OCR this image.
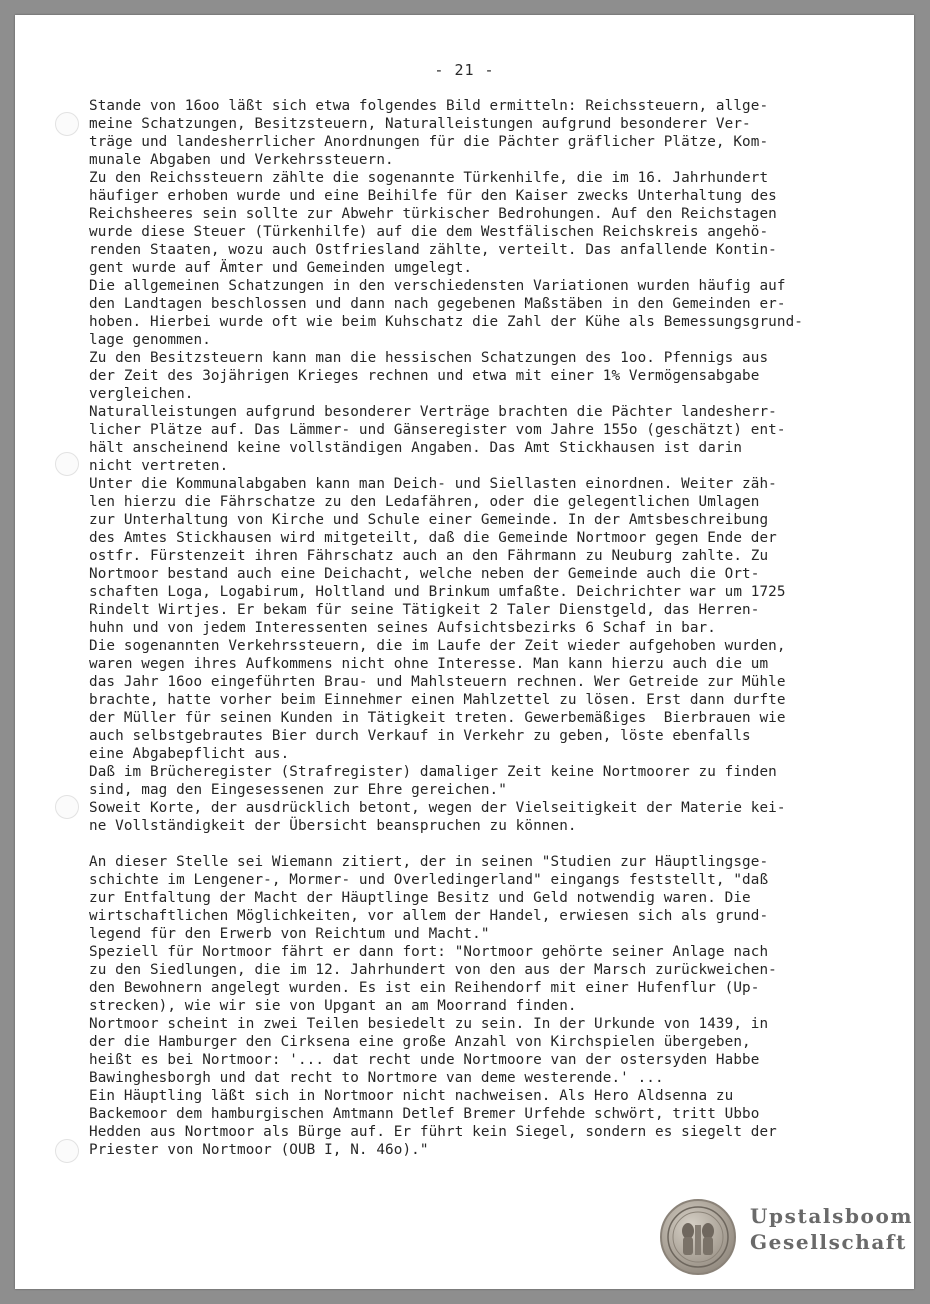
- 21 -
Stande von 16oo läßt sich etwa folgendes Bild ermitteln: Reichssteuern, allge-
meine Schatzungen, Besitzsteuern, Naturalleistungen aufgrund besonderer Ver-
träge und landesherrlicher Anordnungen für die Pächter gräflicher Plätze, Kom-
munale Abgaben und Verkehrssteuern.
Zu den Reichssteuern zählte die sogenannte Türkenhilfe, die im 16. Jahrhundert
häufiger erhoben wurde und eine Beihilfe für den Kaiser zwecks Unterhaltung des
Reichsheeres sein sollte zur Abwehr türkischer Bedrohungen. Auf den Reichstagen
wurde diese Steuer (Türkenhilfe) auf die dem Westfälischen Reichskreis angehö-
renden Staaten, wozu auch Ostfriesland zählte, verteilt. Das anfallende Kontin-
gent wurde auf Ämter und Gemeinden umgelegt.
Die allgemeinen Schatzungen in den verschiedensten Variationen wurden häufig auf
den Landtagen beschlossen und dann nach gegebenen Maßstäben in den Gemeinden er-
hoben. Hierbei wurde oft wie beim Kuhschatz die Zahl der Kühe als Bemessungsgrund-
lage genommen.
Zu den Besitzsteuern kann man die hessischen Schatzungen des 1oo. Pfennigs aus
der Zeit des 3ojährigen Krieges rechnen und etwa mit einer 1% Vermögensabgabe
vergleichen.
Naturalleistungen aufgrund besonderer Verträge brachten die Pächter landesherr-
licher Plätze auf. Das Lämmer- und Gänseregister vom Jahre 155o (geschätzt) ent-
hält anscheinend keine vollständigen Angaben. Das Amt Stickhausen ist darin
nicht vertreten.
Unter die Kommunalabgaben kann man Deich- und Siellasten einordnen. Weiter zäh-
len hierzu die Fährschatze zu den Ledafähren, oder die gelegentlichen Umlagen
zur Unterhaltung von Kirche und Schule einer Gemeinde. In der Amtsbeschreibung
des Amtes Stickhausen wird mitgeteilt, daß die Gemeinde Nortmoor gegen Ende der
ostfr. Fürstenzeit ihren Fährschatz auch an den Fährmann zu Neuburg zahlte. Zu
Nortmoor bestand auch eine Deichacht, welche neben der Gemeinde auch die Ort-
schaften Loga, Logabirum, Holtland und Brinkum umfaßte. Deichrichter war um 1725
Rindelt Wirtjes. Er bekam für seine Tätigkeit 2 Taler Dienstgeld, das Herren-
huhn und von jedem Interessenten seines Aufsichtsbezirks 6 Schaf in bar.
Die sogenannten Verkehrssteuern, die im Laufe der Zeit wieder aufgehoben wurden,
waren wegen ihres Aufkommens nicht ohne Interesse. Man kann hierzu auch die um
das Jahr 16oo eingeführten Brau- und Mahlsteuern rechnen. Wer Getreide zur Mühle
brachte, hatte vorher beim Einnehmer einen Mahlzettel zu lösen. Erst dann durfte
der Müller für seinen Kunden in Tätigkeit treten. Gewerbemäßiges  Bierbrauen wie
auch selbstgebrautes Bier durch Verkauf in Verkehr zu geben, löste ebenfalls
eine Abgabepflicht aus.
Daß im Brücheregister (Strafregister) damaliger Zeit keine Nortmoorer zu finden
sind, mag den Eingesessenen zur Ehre gereichen."
Soweit Korte, der ausdrücklich betont, wegen der Vielseitigkeit der Materie kei-
ne Vollständigkeit der Übersicht beanspruchen zu können.
An dieser Stelle sei Wiemann zitiert, der in seinen "Studien zur Häuptlingsge-
schichte im Lengener-, Mormer- und Overledingerland" eingangs feststellt, "daß
zur Entfaltung der Macht der Häuptlinge Besitz und Geld notwendig waren. Die
wirtschaftlichen Möglichkeiten, vor allem der Handel, erwiesen sich als grund-
legend für den Erwerb von Reichtum und Macht."
Speziell für Nortmoor fährt er dann fort: "Nortmoor gehörte seiner Anlage nach
zu den Siedlungen, die im 12. Jahrhundert von den aus der Marsch zurückweichen-
den Bewohnern angelegt wurden. Es ist ein Reihendorf mit einer Hufenflur (Up-
strecken), wie wir sie von Upgant an am Moorrand finden.
Nortmoor scheint in zwei Teilen besiedelt zu sein. In der Urkunde von 1439, in
der die Hamburger den Cirksena eine große Anzahl von Kirchspielen übergeben,
heißt es bei Nortmoor: '... dat recht unde Nortmoore van der ostersyden Habbe
Bawinghesborgh und dat recht to Nortmore van deme westerende.' ...
Ein Häuptling läßt sich in Nortmoor nicht nachweisen. Als Hero Aldsenna zu
Backemoor dem hamburgischen Amtmann Detlef Bremer Urfehde schwört, tritt Ubbo
Hedden aus Nortmoor als Bürge auf. Er führt kein Siegel, sondern es siegelt der
Priester von Nortmoor (OUB I, N. 46o)."
Upstalsboom
Gesellschaft
